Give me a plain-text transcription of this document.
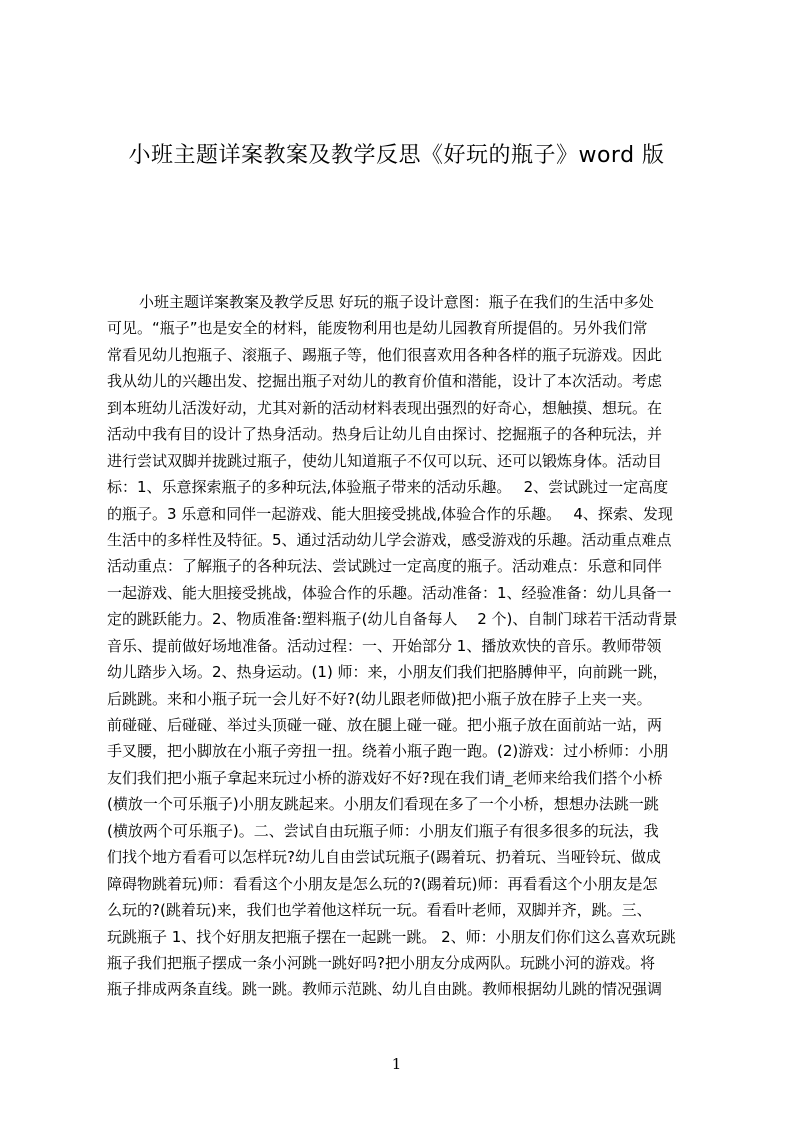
小班主题详案教案及教学反思《好玩的瓶子》word 版
小班主题详案教案及教学反思 好玩的瓶子设计意图：瓶子在我们的生活中多处
可见。“瓶子”也是安全的材料，能废物利用也是幼儿园教育所提倡的。另外我们常
常看见幼儿抱瓶子、滚瓶子、踢瓶子等，他们很喜欢用各种各样的瓶子玩游戏。因此
我从幼儿的兴趣出发、挖掘出瓶子对幼儿的教育价值和潜能，设计了本次活动。考虑
到本班幼儿活泼好动，尤其对新的活动材料表现出强烈的好奇心，想触摸、想玩。在
活动中我有目的设计了热身活动。热身后让幼儿自由探讨、挖掘瓶子的各种玩法，并
进行尝试双脚并拢跳过瓶子，使幼儿知道瓶子不仅可以玩、还可以锻炼身体。活动目
标：1、乐意探索瓶子的多种玩法,体验瓶子带来的活动乐趣。　 2、尝试跳过一定高度
的瓶子。3 乐意和同伴一起游戏、能大胆接受挑战,体验合作的乐趣。　 4、探索、发现
生活中的多样性及特征。5、通过活动幼儿学会游戏，感受游戏的乐趣。活动重点难点
活动重点：了解瓶子的各种玩法、尝试跳过一定高度的瓶子。活动难点：乐意和同伴
一起游戏、能大胆接受挑战，体验合作的乐趣。活动准备：1、经验准备：幼儿具备一
定的跳跃能力。2、物质准备:塑料瓶子(幼儿自备每人　 2 个)、自制门球若干活动背景
音乐、提前做好场地准备。活动过程：一、开始部分 1、播放欢快的音乐。教师带领
幼儿踏步入场。2、热身运动。(1) 师：来，小朋友们我们把胳膊伸平，向前跳一跳，
后跳跳。来和小瓶子玩一会儿好不好?(幼儿跟老师做)把小瓶子放在脖子上夹一夹。
前碰碰、后碰碰、举过头顶碰一碰、放在腿上碰一碰。把小瓶子放在面前站一站，两
手叉腰，把小脚放在小瓶子旁扭一扭。绕着小瓶子跑一跑。(2)游戏：过小桥师：小朋
友们我们把小瓶子拿起来玩过小桥的游戏好不好?现在我们请_老师来给我们搭个小桥
(横放一个可乐瓶子)小朋友跳起来。小朋友们看现在多了一个小桥，想想办法跳一跳
(横放两个可乐瓶子)。二、尝试自由玩瓶子师：小朋友们瓶子有很多很多的玩法，我
们找个地方看看可以怎样玩?幼儿自由尝试玩瓶子(踢着玩、扔着玩、当哑铃玩、做成
障碍物跳着玩)师：看看这个小朋友是怎么玩的?(踢着玩)师：再看看这个小朋友是怎
么玩的?(跳着玩)来，我们也学着他这样玩一玩。看看叶老师，双脚并齐，跳。三、
玩跳瓶子 1、找个好朋友把瓶子摆在一起跳一跳。 2、师：小朋友们你们这么喜欢玩跳
瓶子我们把瓶子摆成一条小河跳一跳好吗?把小朋友分成两队。玩跳小河的游戏。将
瓶子排成两条直线。跳一跳。教师示范跳、幼儿自由跳。教师根据幼儿跳的情况强调
1
